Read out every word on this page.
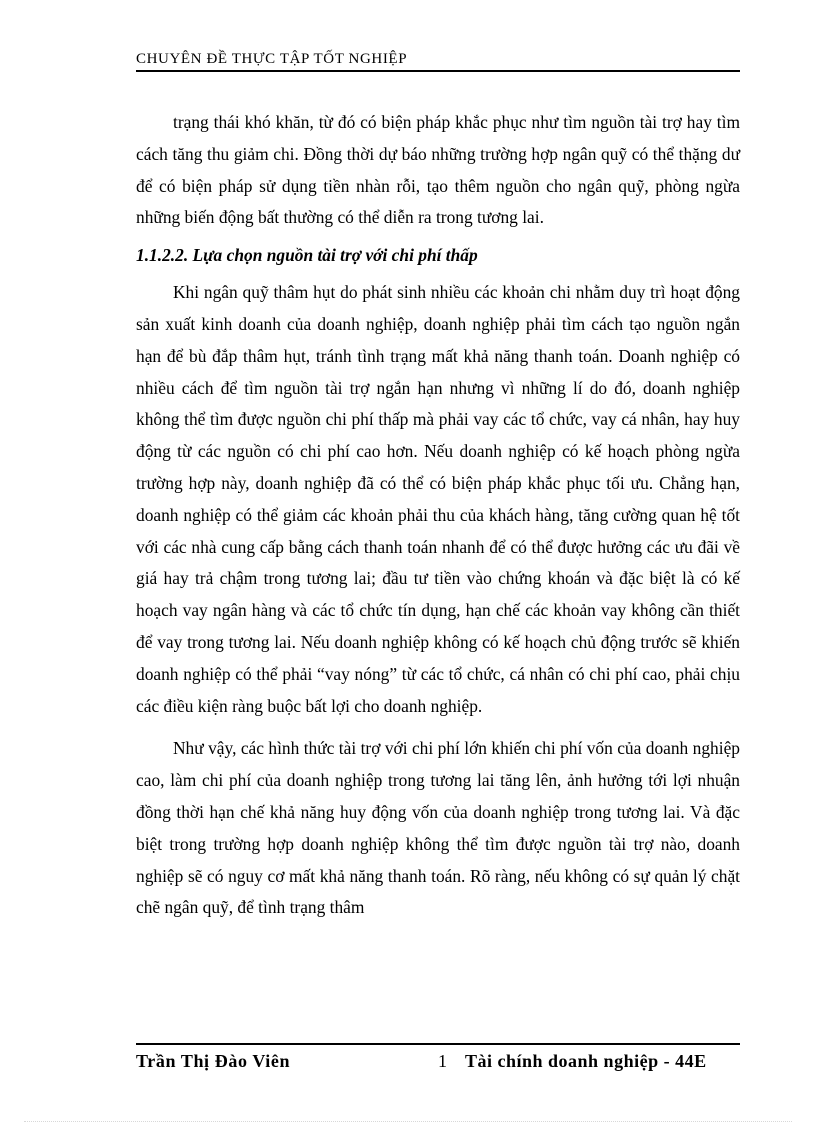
CHUYÊN ĐỀ THỰC TẬP TỐT NGHIỆP

trạng thái khó khăn, từ đó có biện pháp khắc phục như tìm nguồn tài trợ hay tìm cách tăng thu giảm chi. Đồng thời dự báo những trường hợp ngân quỹ có thể thặng dư để có biện pháp sử dụng tiền nhàn rỗi, tạo thêm nguồn cho ngân quỹ, phòng ngừa những biến động bất thường có thể diễn ra trong tương lai.

1.1.2.2. Lựa chọn nguồn tài trợ với chi phí thấp

Khi ngân quỹ thâm hụt do phát sinh nhiều các khoản chi nhằm duy trì hoạt động sản xuất kinh doanh của doanh nghiệp, doanh nghiệp phải tìm cách tạo nguồn ngắn hạn để bù đắp thâm hụt, tránh tình trạng mất khả năng thanh toán. Doanh nghiệp có nhiều cách để tìm nguồn tài trợ ngắn hạn nhưng vì những lí do đó, doanh nghiệp không thể tìm được nguồn chi phí thấp mà phải vay các tổ chức, vay cá nhân, hay huy động từ các nguồn có chi phí cao hơn. Nếu doanh nghiệp có kế hoạch phòng ngừa trường hợp này, doanh nghiệp đã có thể có biện pháp khắc phục tối ưu. Chẳng hạn, doanh nghiệp có thể giảm các khoản phải thu của khách hàng, tăng cường quan hệ tốt với các nhà cung cấp bằng cách thanh toán nhanh để có thể được hưởng các ưu đãi về giá hay trả chậm trong tương lai; đầu tư tiền vào chứng khoán và đặc biệt là có kế hoạch vay ngân hàng và các tổ chức tín dụng, hạn chế các khoản vay không cần thiết để vay trong tương lai. Nếu doanh nghiệp không có kế hoạch chủ động trước sẽ khiến doanh nghiệp có thể phải “vay nóng” từ các tổ chức, cá nhân có chi phí cao, phải chịu các điều kiện ràng buộc bất lợi cho doanh nghiệp.

Như vậy, các hình thức tài trợ với chi phí lớn khiến chi phí vốn của doanh nghiệp cao, làm chi phí của doanh nghiệp trong tương lai tăng lên, ảnh hưởng tới lợi nhuận đồng thời hạn chế khả năng huy động vốn của doanh nghiệp trong tương lai. Và đặc biệt trong trường hợp doanh nghiệp không thể tìm được nguồn tài trợ nào, doanh nghiệp sẽ có nguy cơ mất khả năng thanh toán. Rõ ràng, nếu không có sự quản lý chặt chẽ ngân quỹ, để tình trạng thâm

Trần Thị Đào Viên	1 Tài chính doanh nghiệp - 44E
